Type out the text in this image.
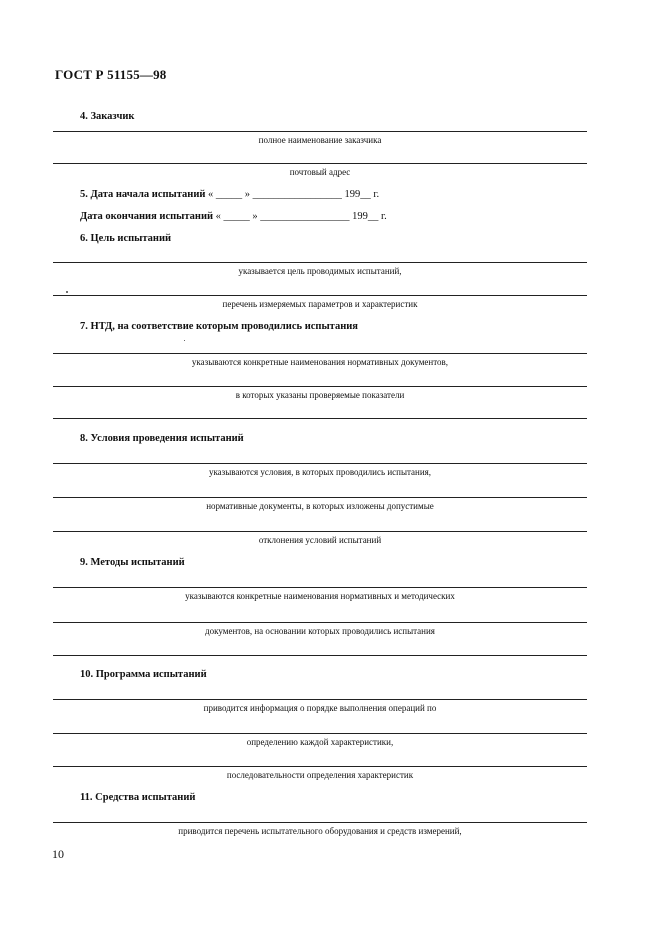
ГОСТ Р 51155—98
4. Заказчик
полное наименование заказчика
почтовый адрес
5. Дата начала испытаний « _____ » _________________ 199__ г.
Дата окончания испытаний « _____ » _________________ 199__ г.
6. Цель испытаний
указывается цель проводимых испытаний,
перечень измеряемых параметров и характеристик
7. НТД, на соответствие которым проводились испытания
указываются конкретные наименования нормативных документов,
в которых указаны проверяемые показатели
8. Условия проведения испытаний
указываются условия, в которых проводились испытания,
нормативные документы, в которых изложены допустимые
отклонения условий испытаний
9. Методы испытаний
указываются конкретные наименования нормативных и методических
документов, на основании которых проводились испытания
10. Программа испытаний
приводится информация о порядке выполнения операций по
определению каждой характеристики,
последовательности определения характеристик
11. Средства испытаний
приводится перечень испытательного оборудования и средств измерений,
10
